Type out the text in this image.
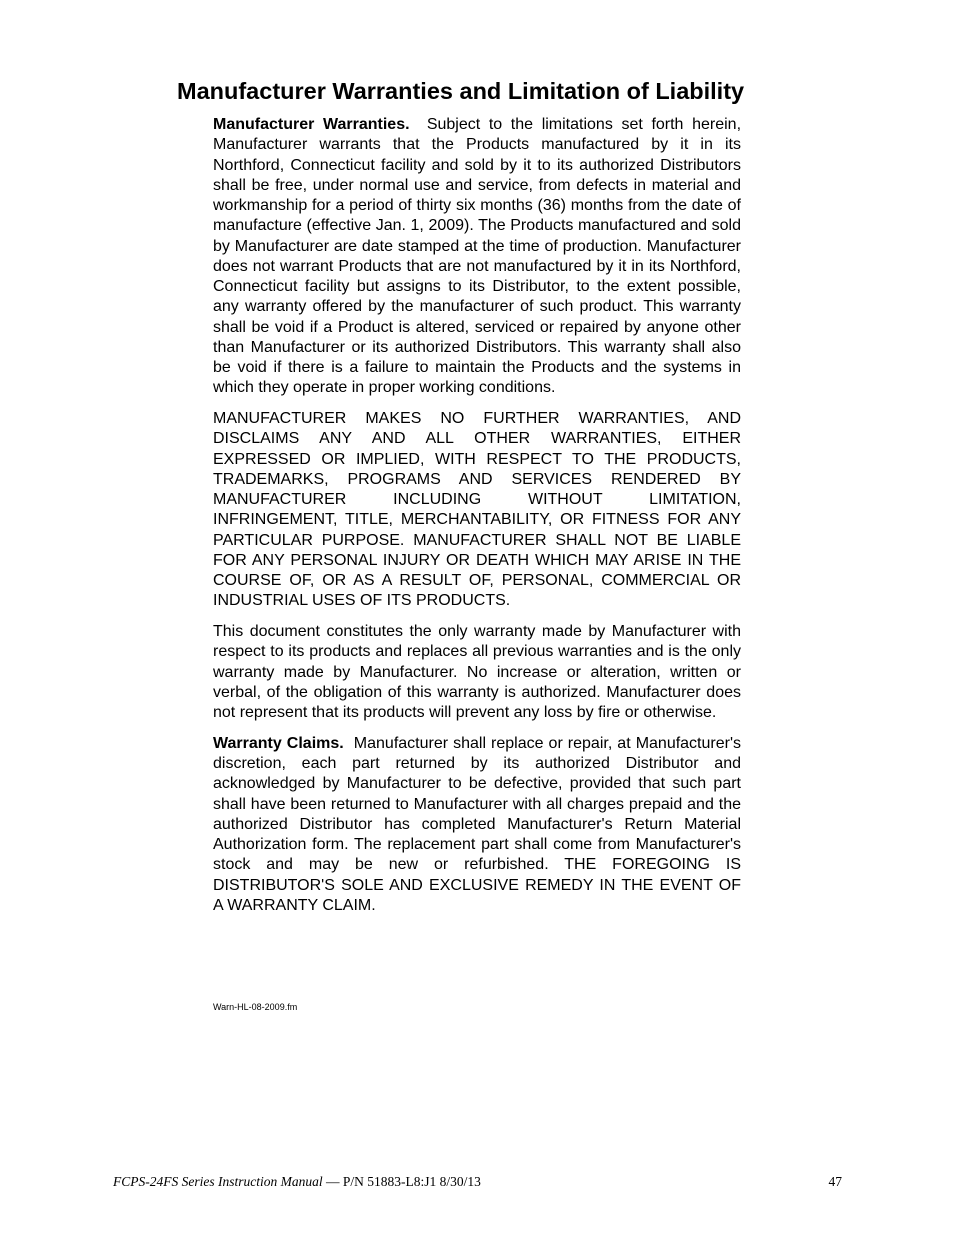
Manufacturer Warranties and Limitation of Liability

Manufacturer Warranties. Subject to the limitations set forth herein, Manufacturer warrants that the Products manufactured by it in its Northford, Connecticut facility and sold by it to its authorized Distributors shall be free, under normal use and service, from defects in material and workmanship for a period of thirty six months (36) months from the date of manufacture (effective Jan. 1, 2009). The Products manufactured and sold by Manufacturer are date stamped at the time of production. Manufacturer does not warrant Products that are not manufactured by it in its Northford, Connecticut facility but assigns to its Distributor, to the extent possible, any warranty offered by the manufacturer of such product. This warranty shall be void if a Product is altered, serviced or repaired by anyone other than Manufacturer or its authorized Distributors. This warranty shall also be void if there is a failure to maintain the Products and the systems in which they operate in proper working conditions.

MANUFACTURER MAKES NO FURTHER WARRANTIES, AND DISCLAIMS ANY AND ALL OTHER WARRANTIES, EITHER EXPRESSED OR IMPLIED, WITH RESPECT TO THE PRODUCTS, TRADEMARKS, PROGRAMS AND SERVICES RENDERED BY MANUFACTURER INCLUDING WITHOUT LIMITATION, INFRINGEMENT, TITLE, MERCHANTABILITY, OR FITNESS FOR ANY PARTICULAR PURPOSE. MANUFACTURER SHALL NOT BE LIABLE FOR ANY PERSONAL INJURY OR DEATH WHICH MAY ARISE IN THE COURSE OF, OR AS A RESULT OF, PERSONAL, COMMERCIAL OR INDUSTRIAL USES OF ITS PRODUCTS.

This document constitutes the only warranty made by Manufacturer with respect to its products and replaces all previous warranties and is the only warranty made by Manufacturer. No increase or alteration, written or verbal, of the obligation of this warranty is authorized. Manufacturer does not represent that its products will prevent any loss by fire or otherwise.

Warranty Claims. Manufacturer shall replace or repair, at Manufacturer's discretion, each part returned by its authorized Distributor and acknowledged by Manufacturer to be defective, provided that such part shall have been returned to Manufacturer with all charges prepaid and the authorized Distributor has completed Manufacturer's Return Material Authorization form. The replacement part shall come from Manufacturer's stock and may be new or refurbished. THE FOREGOING IS DISTRIBUTOR'S SOLE AND EXCLUSIVE REMEDY IN THE EVENT OF A WARRANTY CLAIM.

Warn-HL-08-2009.fm
FCPS-24FS Series Instruction Manual — P/N 51883-L8:J1 8/30/13	47
